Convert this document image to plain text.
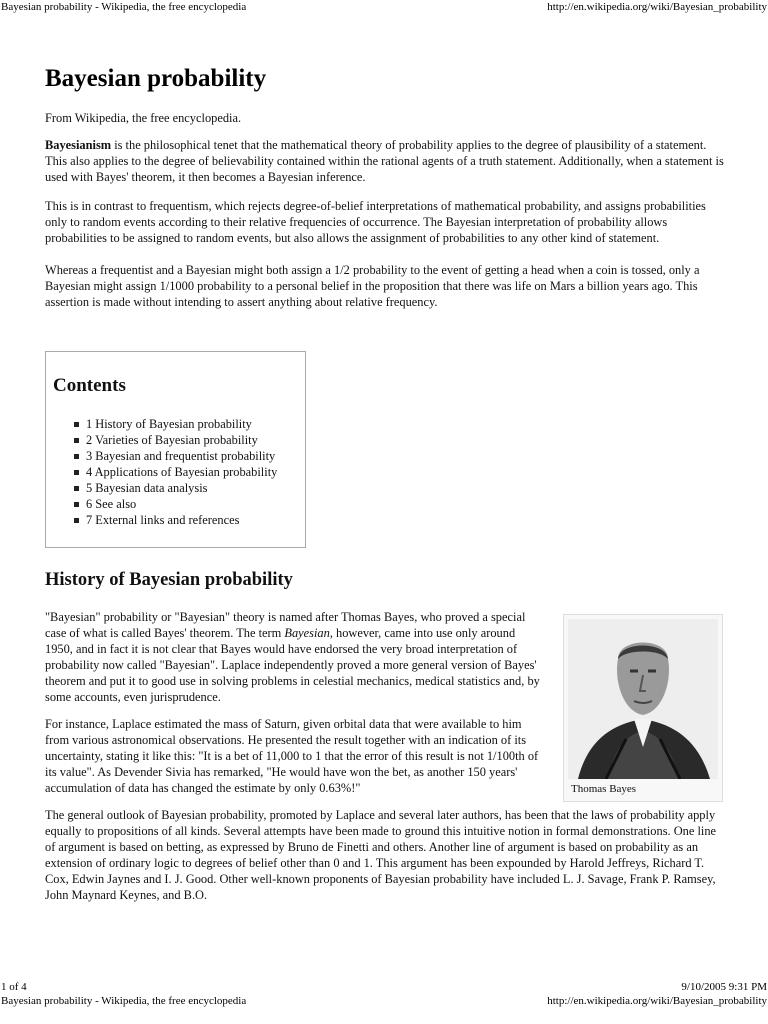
Bayesian probability - Wikipedia, the free encyclopedia	http://en.wikipedia.org/wiki/Bayesian_probability
Bayesian probability
From Wikipedia, the free encyclopedia.

Bayesianism is the philosophical tenet that the mathematical theory of probability applies to the degree of plausibility of a statement. This also applies to the degree of believability contained within the rational agents of a truth statement. Additionally, when a statement is used with Bayes' theorem, it then becomes a Bayesian inference.

This is in contrast to frequentism, which rejects degree-of-belief interpretations of mathematical probability, and assigns probabilities only to random events according to their relative frequencies of occurrence. The Bayesian interpretation of probability allows probabilities to be assigned to random events, but also allows the assignment of probabilities to any other kind of statement.

Whereas a frequentist and a Bayesian might both assign a 1/2 probability to the event of getting a head when a coin is tossed, only a Bayesian might assign 1/1000 probability to a personal belief in the proposition that there was life on Mars a billion years ago. This assertion is made without intending to assert anything about relative frequency.

Contents
1 History of Bayesian probability
2 Varieties of Bayesian probability
3 Bayesian and frequentist probability
4 Applications of Bayesian probability
5 Bayesian data analysis
6 See also
7 External links and references
History of Bayesian probability

"Bayesian" probability or "Bayesian" theory is named after Thomas Bayes, who proved a special case of what is called Bayes' theorem. The term Bayesian, however, came into use only around 1950, and in fact it is not clear that Bayes would have endorsed the very broad interpretation of probability now called "Bayesian". Laplace independently proved a more general version of Bayes' theorem and put it to good use in solving problems in celestial mechanics, medical statistics and, by some accounts, even jurisprudence.

For instance, Laplace estimated the mass of Saturn, given orbital data that were available to him from various astronomical observations. He presented the result together with an indication of its uncertainty, stating it like this: "It is a bet of 11,000 to 1 that the error of this result is not 1/100th of its value". As Devender Sivia has remarked, "He would have won the bet, as another 150 years' accumulation of data has changed the estimate by only 0.63%!"

The general outlook of Bayesian probability, promoted by Laplace and several later authors, has been that the laws of probability apply equally to propositions of all kinds. Several attempts have been made to ground this intuitive notion in formal demonstrations. One line of argument is based on betting, as expressed by Bruno de Finetti and others. Another line of argument is based on probability as an extension of ordinary logic to degrees of belief other than 0 and 1. This argument has been expounded by Harold Jeffreys, Richard T. Cox, Edwin Jaynes and I. J. Good. Other well-known proponents of Bayesian probability have included L. J. Savage, Frank P. Ramsey, John Maynard Keynes, and B.O.

Thomas Bayes
1 of 4	9/10/2005 9:31 PM
Bayesian probability - Wikipedia, the free encyclopedia	http://en.wikipedia.org/wiki/Bayesian_probability
